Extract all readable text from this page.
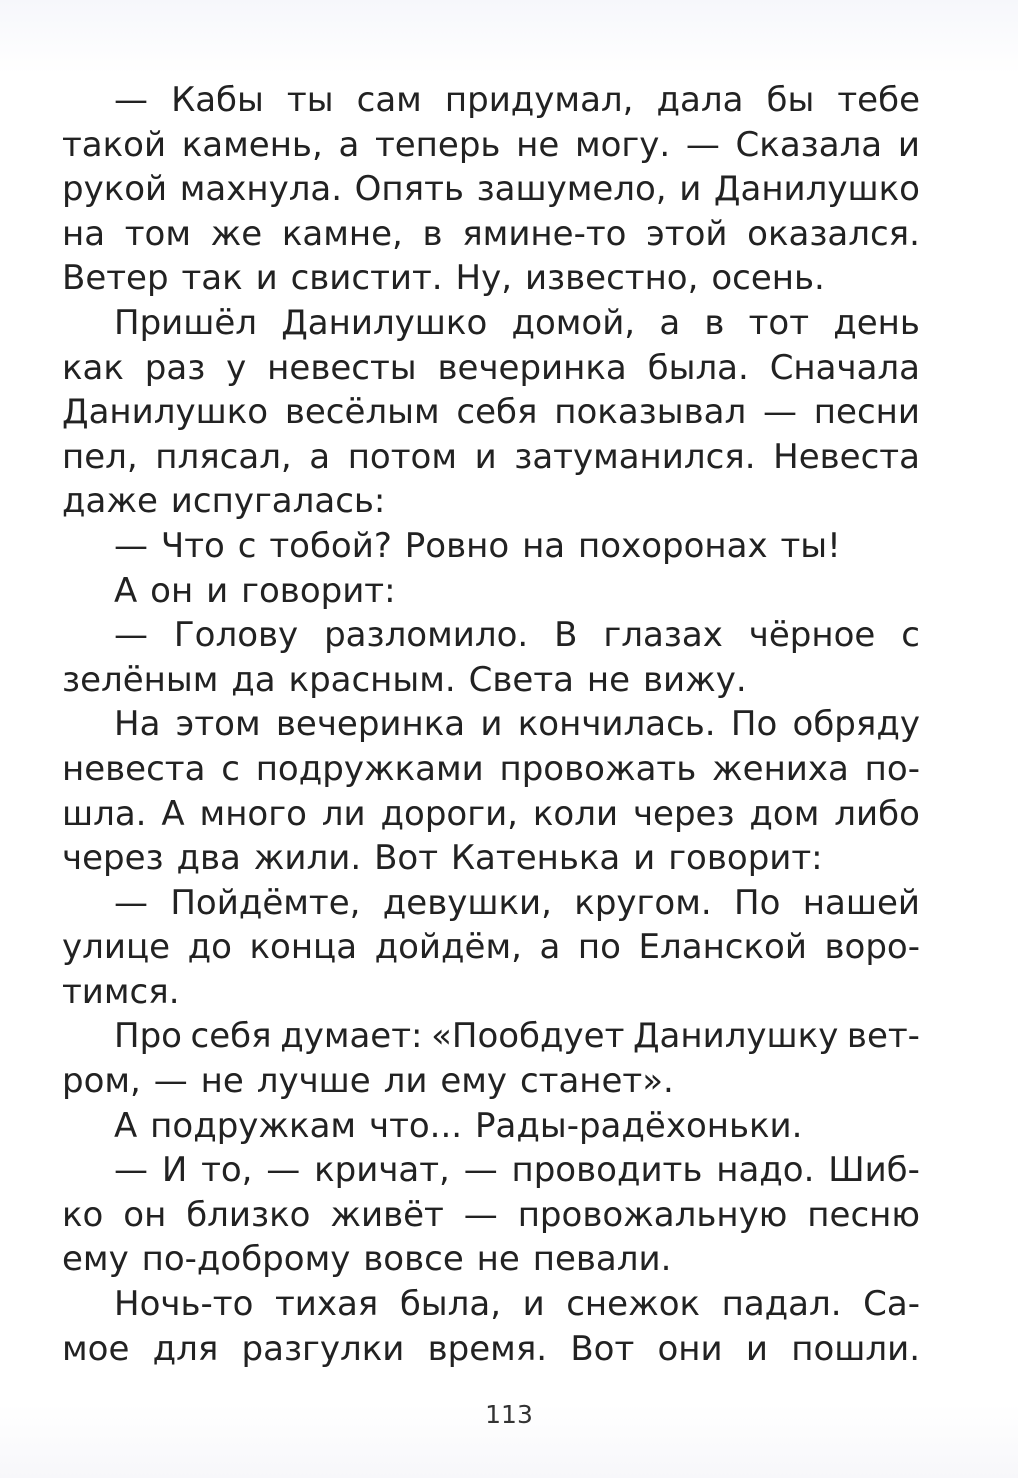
— Кабы ты сам придумал, дала бы тебе
такой камень, а теперь не могу. — Сказала и
рукой махнула. Опять зашумело, и Данилушко
на том же камне, в ямине-то этой оказался.
Ветер так и свистит. Ну, известно, осень.
Пришёл Данилушко домой, а в тот день
как раз у невесты вечеринка была. Сначала
Данилушко весёлым себя показывал — песни
пел, плясал, а потом и затуманился. Невеста
даже испугалась:
— Что с тобой? Ровно на похоронах ты!
А он и говорит:
— Голову разломило. В глазах чёрное с
зелёным да красным. Света не вижу.
На этом вечеринка и кончилась. По обряду
невеста с подружками провожать жениха по-
шла. А много ли дороги, коли через дом либо
через два жили. Вот Катенька и говорит:
— Пойдёмте, девушки, кругом. По нашей
улице до конца дойдём, а по Еланской воро-
тимся.
Про себя думает: «Пообдует Данилушку вет-
ром, — не лучше ли ему станет».
А подружкам что... Рады-радёхоньки.
— И то, — кричат, — проводить надо. Шиб-
ко он близко живёт — провожальную песню
ему по-доброму вовсе не певали.
Ночь-то тихая была, и снежок падал. Са-
мое для разгулки время. Вот они и пошли.
113
